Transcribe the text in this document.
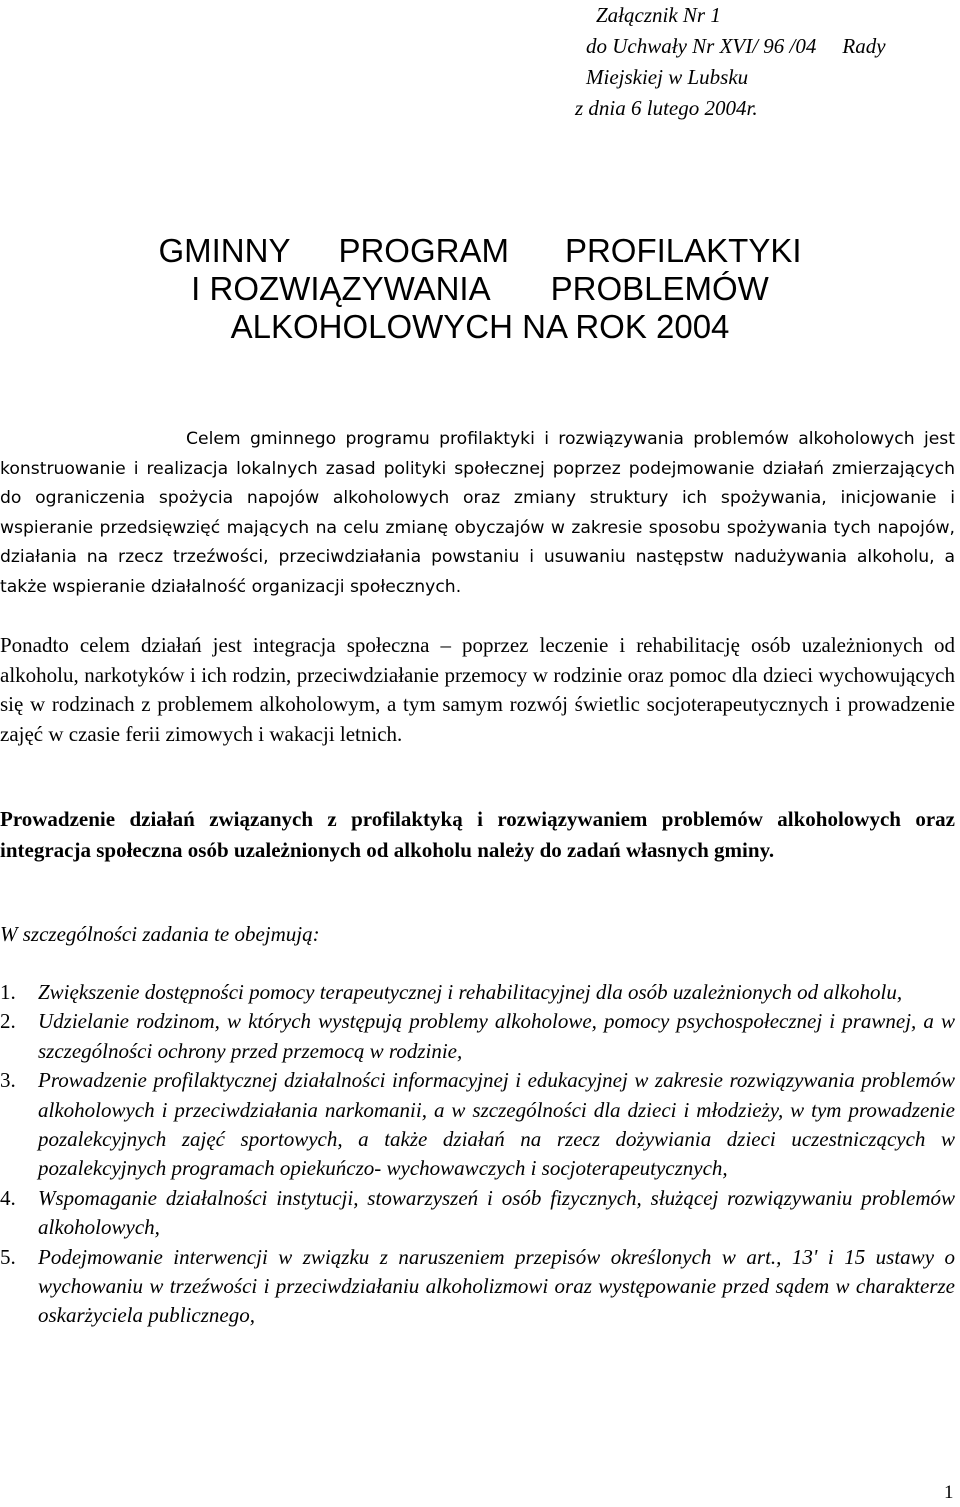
Załącznik Nr 1
do Uchwały Nr XVI/ 96 /04 Rady
Miejskiej w Lubsku
z dnia 6 lutego 2004r.
GMINNY PROGRAM PROFILAKTYKI
I ROZWIĄZYWANIA PROBLEMÓW
ALKOHOLOWYCH NA ROK 2004
Celem gminnego programu profilaktyki i rozwiązywania problemów alkoholowych jest konstruowanie i realizacja lokalnych zasad polityki społecznej poprzez podejmowanie działań zmierzających do ograniczenia spożycia napojów alkoholowych oraz zmiany struktury ich spożywania, inicjowanie i wspieranie przedsięwzięć mających na celu zmianę obyczajów w zakresie sposobu spożywania tych napojów, działania na rzecz trzeźwości, przeciwdziałania powstaniu i usuwaniu następstw nadużywania alkoholu, a także wspieranie działalność organizacji społecznych.
Ponadto celem działań jest integracja społeczna – poprzez leczenie i rehabilitację osób uzależnionych od alkoholu, narkotyków i ich rodzin, przeciwdziałanie przemocy w rodzinie oraz pomoc dla dzieci wychowujących się w rodzinach z problemem alkoholowym, a tym samym rozwój świetlic socjoterapeutycznych i prowadzenie zajęć w czasie ferii zimowych i wakacji letnich.
Prowadzenie działań związanych z profilaktyką i rozwiązywaniem problemów alkoholowych oraz integracja społeczna osób uzależnionych od alkoholu należy do zadań własnych gminy.
W szczególności zadania te obejmują:
1. Zwiększenie dostępności pomocy terapeutycznej i rehabilitacyjnej dla osób uzależnionych od alkoholu,
2. Udzielanie rodzinom, w których występują problemy alkoholowe, pomocy psychospołecznej i prawnej, a w szczególności ochrony przed przemocą w rodzinie,
3. Prowadzenie profilaktycznej działalności informacyjnej i edukacyjnej w zakresie rozwiązywania problemów alkoholowych i przeciwdziałania narkomanii, a w szczególności dla dzieci i młodzieży, w tym prowadzenie pozalekcyjnych zajęć sportowych, a także działań na rzecz dożywiania dzieci uczestniczących w pozalekcyjnych programach opiekuńczo- wychowawczych i socjoterapeutycznych,
4. Wspomaganie działalności instytucji, stowarzyszeń i osób fizycznych, służącej rozwiązywaniu problemów alkoholowych,
5. Podejmowanie interwencji w związku z naruszeniem przepisów określonych w art., 13' i 15 ustawy o wychowaniu w trzeźwości i przeciwdziałaniu alkoholizmowi oraz występowanie przed sądem w charakterze oskarżyciela publicznego,
1
